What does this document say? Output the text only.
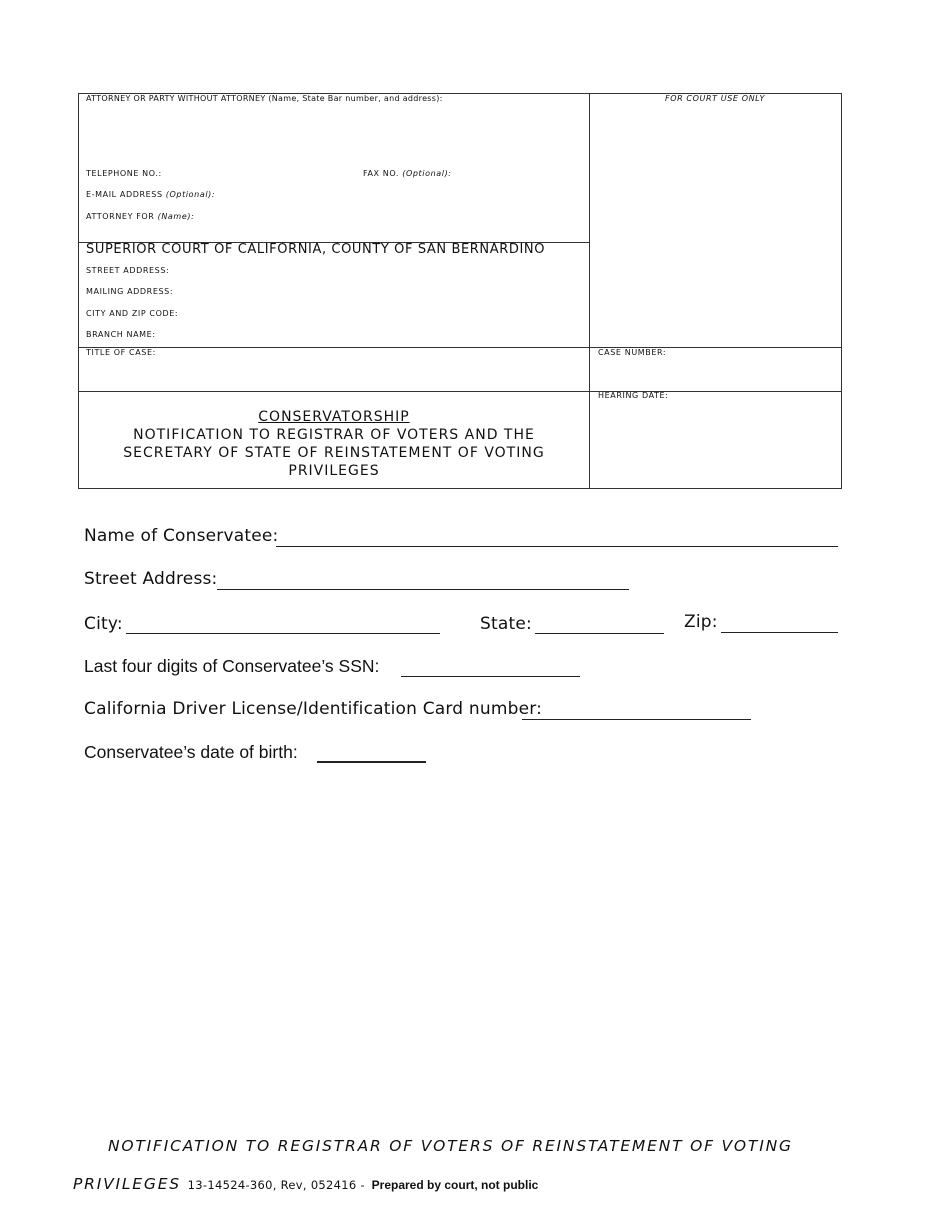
ATTORNEY OR PARTY WITHOUT ATTORNEY (Name, State Bar number, and address):	FOR COURT USE ONLY
TELEPHONE NO.:	FAX NO. (Optional):
E-MAIL ADDRESS (Optional):
ATTORNEY FOR (Name):
SUPERIOR COURT OF CALIFORNIA, COUNTY OF SAN BERNARDINO
STREET ADDRESS:
MAILING ADDRESS:
CITY AND ZIP CODE:
BRANCH NAME:
TITLE OF CASE:	CASE NUMBER:
HEARING DATE:
CONSERVATORSHIP
NOTIFICATION TO REGISTRAR OF VOTERS AND THE
SECRETARY OF STATE OF REINSTATEMENT OF VOTING
PRIVILEGES
Name of Conservatee:
Street Address:
City:	State:	Zip:
Last four digits of Conservatee’s SSN:
California Driver License/Identification Card number:
Conservatee’s date of birth:
NOTIFICATION TO REGISTRAR OF VOTERS OF REINSTATEMENT OF VOTING
PRIVILEGES 13-14524-360, Rev, 052416 - Prepared by court, not public
